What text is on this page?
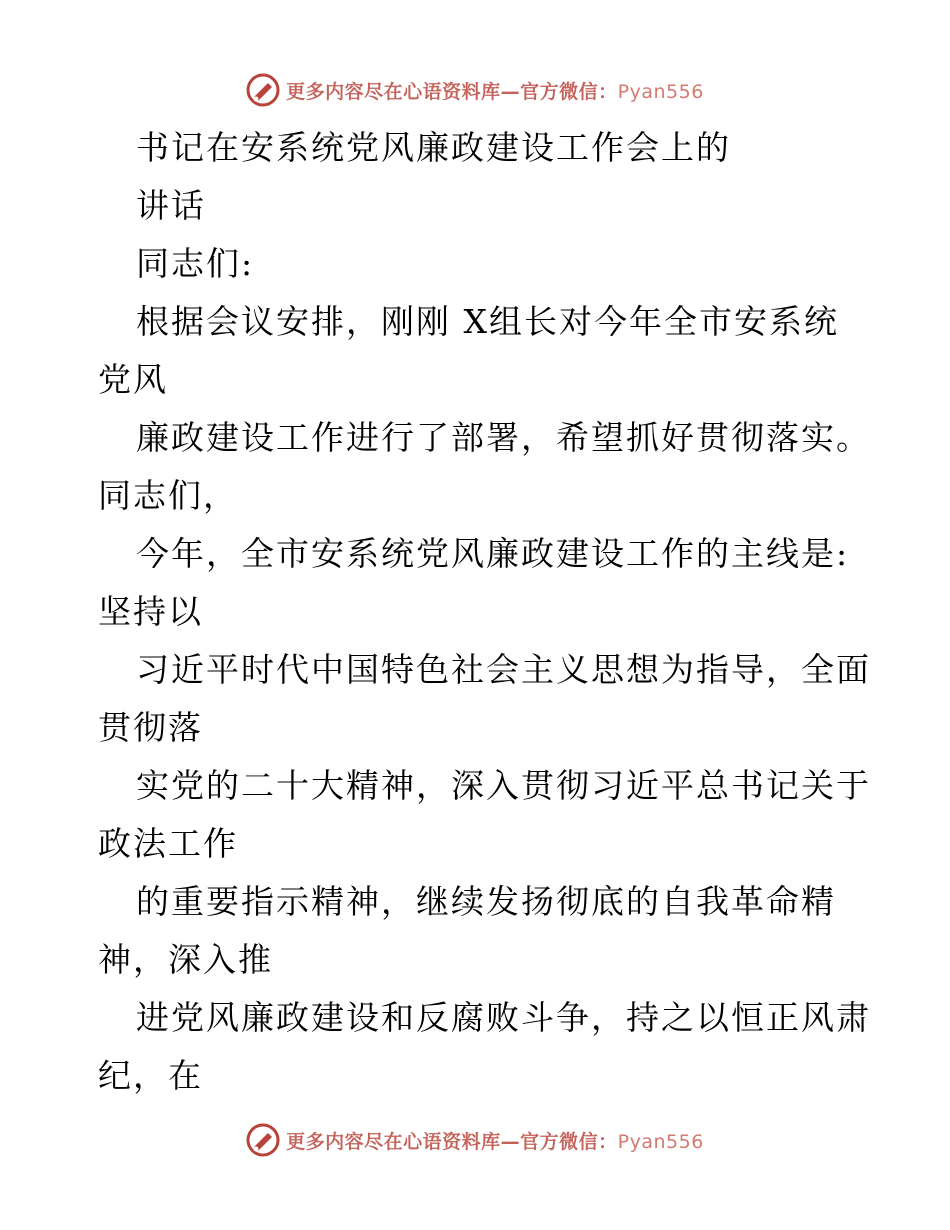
更多内容尽在心语资料库—官方微信：Pyan556
书记在安系统党风廉政建设工作会上的
讲话
同志们:
根据会议安排，刚刚 X组长对今年全市安系统
党风
廉政建设工作进行了部署，希望抓好贯彻落实。
同志们，
今年，全市安系统党风廉政建设工作的主线是:
坚持以
习近平时代中国特色社会主义思想为指导，全面
贯彻落
实党的二十大精神，深入贯彻习近平总书记关于
政法工作
的重要指示精神，继续发扬彻底的自我革命精
神，深入推
进党风廉政建设和反腐败斗争，持之以恒正风肃
纪，在
更多内容尽在心语资料库—官方微信：Pyan556
